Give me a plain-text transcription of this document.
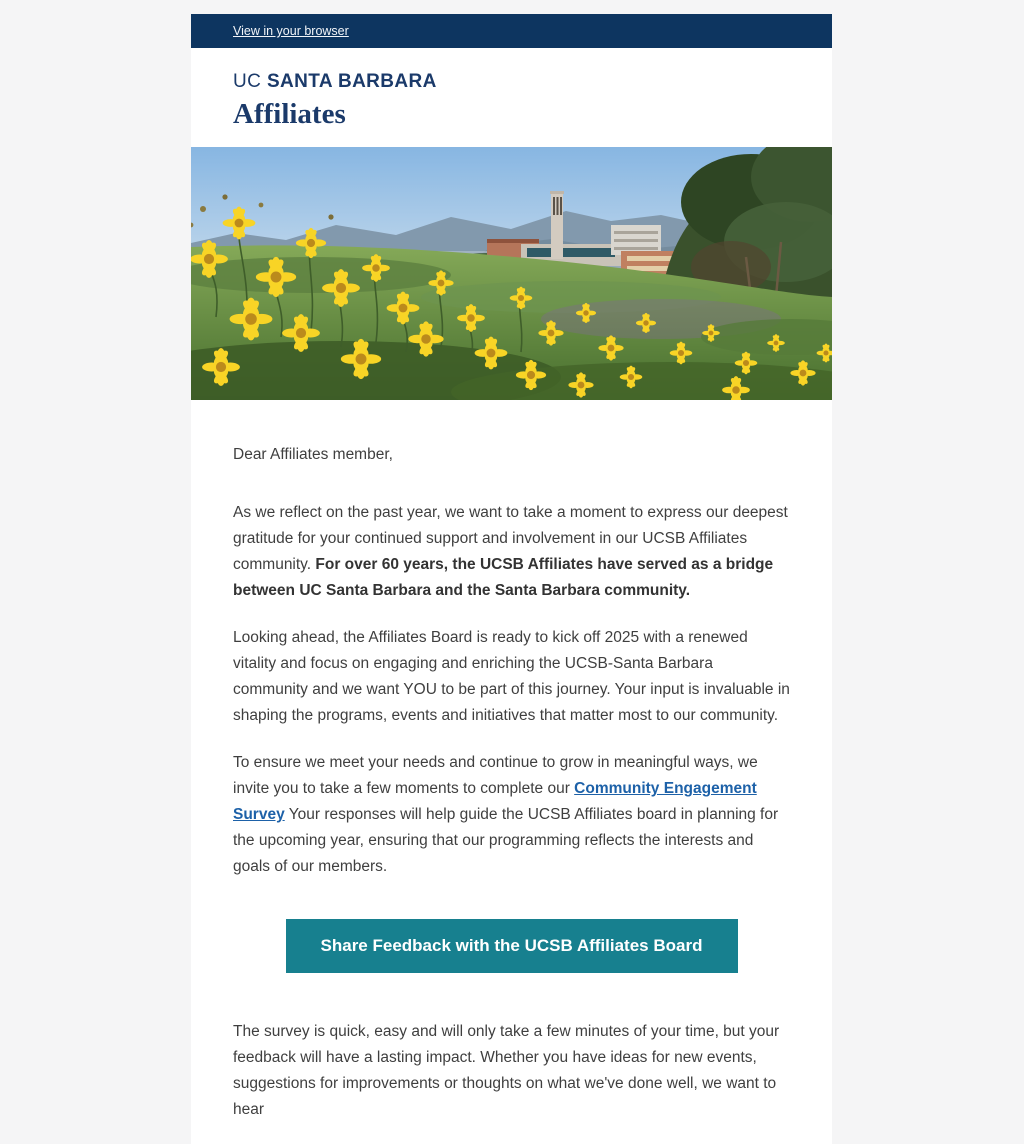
View in your browser
UC SANTA BARBARA
Affiliates

Dear Affiliates member,

As we reflect on the past year, we want to take a moment to express our deepest gratitude for your continued support and involvement in our UCSB Affiliates community. For over 60 years, the UCSB Affiliates have served as a bridge between UC Santa Barbara and the Santa Barbara community.

Looking ahead, the Affiliates Board is ready to kick off 2025 with a renewed vitality and focus on engaging and enriching the UCSB-Santa Barbara community and we want YOU to be part of this journey. Your input is invaluable in shaping the programs, events and initiatives that matter most to our community.

To ensure we meet your needs and continue to grow in meaningful ways, we invite you to take a few moments to complete our Community Engagement Survey Your responses will help guide the UCSB Affiliates board in planning for the upcoming year, ensuring that our programming reflects the interests and goals of our members.

Share Feedback with the UCSB Affiliates Board

The survey is quick, easy and will only take a few minutes of your time, but your feedback will have a lasting impact. Whether you have ideas for new events, suggestions for improvements or thoughts on what we've done well, we want to hear
